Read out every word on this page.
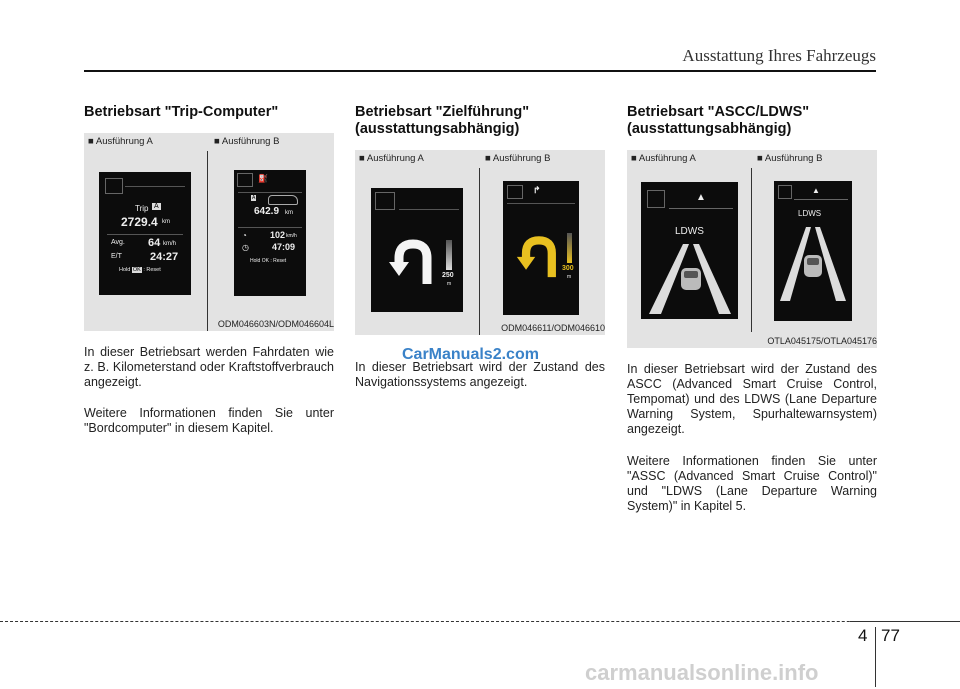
Ausstattung Ihres Fahrzeugs
Betriebsart "Trip-Computer"
■ Ausführung A	■ Ausführung B
Trip A
2729.4 km
Avg. 64 km/h
E/T	24:27
Hold OK : Reset
⛽
A
642.9 km
◔	102 km/h
◷	47:09
Hold OK : Reset
ODM046603N/ODM046604L
In dieser Betriebsart werden Fahrdaten wie z. B. Kilometerstand oder Kraftstoffverbrauch angezeigt.
Weitere Informationen finden Sie unter "Bordcomputer" in diesem Kapitel.
Betriebsart "Zielführung"
(ausstattungsabhängig)
■ Ausführung A	■ Ausführung B
250
m
↱
300
m
ODM046611/ODM046610
In dieser Betriebsart wird der Zustand des Navigationssystems angezeigt.
Betriebsart "ASCC/LDWS"
(ausstattungsabhängig)
■ Ausführung A	■ Ausführung B
▲
LDWS
▲
LDWS
OTLA045175/OTLA045176
In dieser Betriebsart wird der Zustand des ASCC (Advanced Smart Cruise Control, Tempomat) und des LDWS (Lane Departure Warning System, Spurhaltewarnsystem) angezeigt.
Weitere Informationen finden Sie unter "ASSC (Advanced Smart Cruise Control)" und "LDWS (Lane Departure Warning System)" in Kapitel 5.
CarManuals2.com
4 77
carmanualsonline.info
